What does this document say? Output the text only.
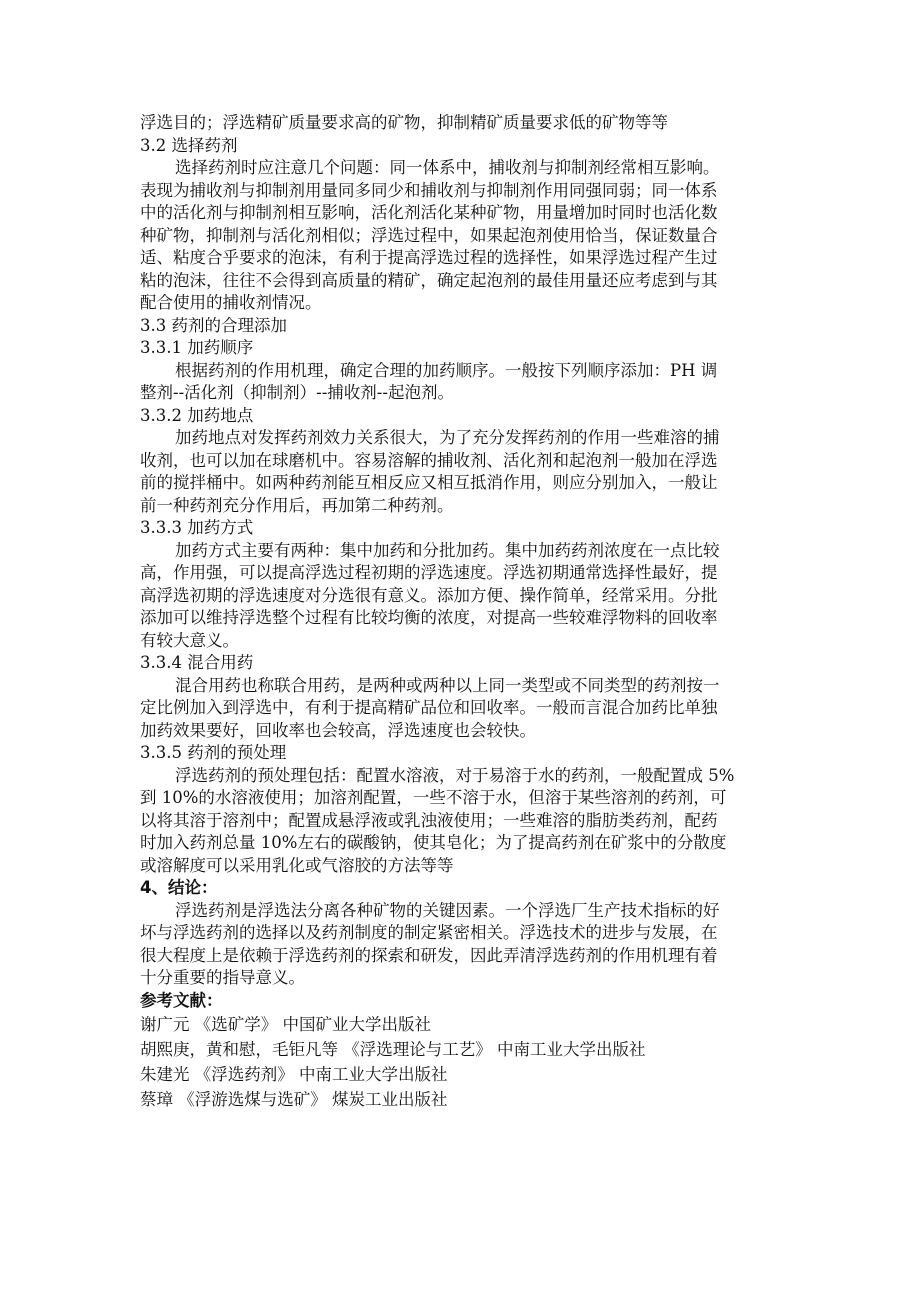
浮选目的；浮选精矿质量要求高的矿物，抑制精矿质量要求低的矿物等等
3.2 选择药剂
选择药剂时应注意几个问题：同一体系中，捕收剂与抑制剂经常相互影响。
表现为捕收剂与抑制剂用量同多同少和捕收剂与抑制剂作用同强同弱；同一体系
中的活化剂与抑制剂相互影响，活化剂活化某种矿物，用量增加时同时也活化数
种矿物，抑制剂与活化剂相似；浮选过程中，如果起泡剂使用恰当，保证数量合
适、粘度合乎要求的泡沫，有利于提高浮选过程的选择性，如果浮选过程产生过
粘的泡沫，往往不会得到高质量的精矿，确定起泡剂的最佳用量还应考虑到与其
配合使用的捕收剂情况。
3.3 药剂的合理添加
3.3.1 加药顺序
根据药剂的作用机理，确定合理的加药顺序。一般按下列顺序添加：PH 调
整剂--活化剂（抑制剂）--捕收剂--起泡剂。
3.3.2 加药地点
加药地点对发挥药剂效力关系很大，为了充分发挥药剂的作用一些难溶的捕
收剂，也可以加在球磨机中。容易溶解的捕收剂、活化剂和起泡剂一般加在浮选
前的搅拌桶中。如两种药剂能互相反应又相互抵消作用，则应分别加入，一般让
前一种药剂充分作用后，再加第二种药剂。
3.3.3 加药方式
加药方式主要有两种：集中加药和分批加药。集中加药药剂浓度在一点比较
高，作用强，可以提高浮选过程初期的浮选速度。浮选初期通常选择性最好，提
高浮选初期的浮选速度对分选很有意义。添加方便、操作简单，经常采用。分批
添加可以维持浮选整个过程有比较均衡的浓度，对提高一些较难浮物料的回收率
有较大意义。
3.3.4 混合用药
混合用药也称联合用药，是两种或两种以上同一类型或不同类型的药剂按一
定比例加入到浮选中，有利于提高精矿品位和回收率。一般而言混合加药比单独
加药效果要好，回收率也会较高，浮选速度也会较快。
3.3.5 药剂的预处理
浮选药剂的预处理包括：配置水溶液，对于易溶于水的药剂，一般配置成 5%
到 10%的水溶液使用；加溶剂配置，一些不溶于水，但溶于某些溶剂的药剂，可
以将其溶于溶剂中；配置成悬浮液或乳浊液使用；一些难溶的脂肪类药剂，配药
时加入药剂总量 10%左右的碳酸钠，使其皂化；为了提高药剂在矿浆中的分散度
或溶解度可以采用乳化或气溶胶的方法等等
4、结论：
浮选药剂是浮选法分离各种矿物的关键因素。一个浮选厂生产技术指标的好
坏与浮选药剂的选择以及药剂制度的制定紧密相关。浮选技术的进步与发展，在
很大程度上是依赖于浮选药剂的探索和研发，因此弄清浮选药剂的作用机理有着
十分重要的指导意义。
参考文献：
谢广元 《选矿学》 中国矿业大学出版社
胡熙庚，黄和慰，毛钜凡等 《浮选理论与工艺》 中南工业大学出版社
朱建光 《浮选药剂》 中南工业大学出版社
蔡璋 《浮游选煤与选矿》 煤炭工业出版社
